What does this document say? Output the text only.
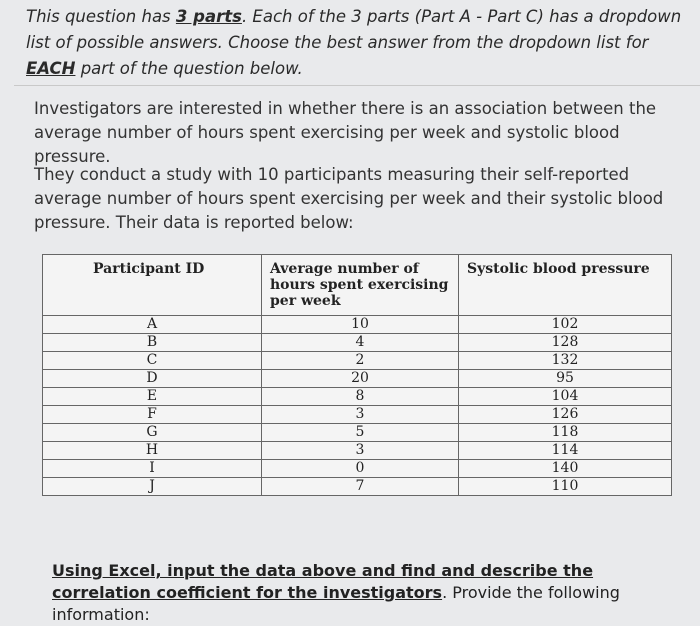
This question has 3 parts. Each of the 3 parts (Part A - Part C) has a dropdown list of possible answers. Choose the best answer from the dropdown list for EACH part of the question below.
Investigators are interested in whether there is an association between the average number of hours spent exercising per week and systolic blood pressure.
They conduct a study with 10 participants measuring their self-reported average number of hours spent exercising per week and their systolic blood pressure. Their data is reported below:
Participant ID	Average number of hours spent exercising per week	Systolic blood pressure
A	10	102
B	4	128
C	2	132
D	20	95
E	8	104
F	3	126
G	5	118
H	3	114
I	0	140
J	7	110
Using Excel, input the data above and find and describe the correlation coefficient for the investigators. Provide the following information:
